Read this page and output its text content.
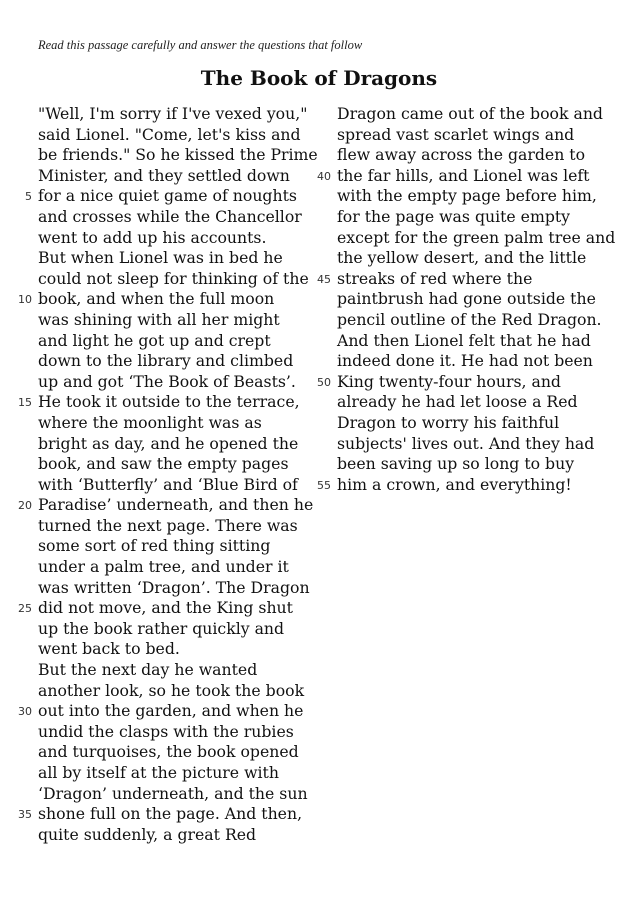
Read this passage carefully and answer the questions that follow
The Book of Dragons
"Well, I'm sorry if I've vexed you,"
said Lionel. "Come, let's kiss and
be friends." So he kissed the Prime
Minister, and they settled down
5 for a nice quiet game of noughts
and crosses while the Chancellor
went to add up his accounts.
But when Lionel was in bed he
could not sleep for thinking of the
10 book, and when the full moon
was shining with all her might
and light he got up and crept
down to the library and climbed
up and got ‘The Book of Beasts’.
15 He took it outside to the terrace,
where the moonlight was as
bright as day, and he opened the
book, and saw the empty pages
with ‘Butterfly’ and ‘Blue Bird of
20 Paradise’ underneath, and then he
turned the next page. There was
some sort of red thing sitting
under a palm tree, and under it
was written ‘Dragon’. The Dragon
25 did not move, and the King shut
up the book rather quickly and
went back to bed.
But the next day he wanted
another look, so he took the book
30 out into the garden, and when he
undid the clasps with the rubies
and turquoises, the book opened
all by itself at the picture with
‘Dragon’ underneath, and the sun
35 shone full on the page. And then,
quite suddenly, a great Red
Dragon came out of the book and
spread vast scarlet wings and
flew away across the garden to
40 the far hills, and Lionel was left
with the empty page before him,
for the page was quite empty
except for the green palm tree and
the yellow desert, and the little
45 streaks of red where the
paintbrush had gone outside the
pencil outline of the Red Dragon.
And then Lionel felt that he had
indeed done it. He had not been
50 King twenty-four hours, and
already he had let loose a Red
Dragon to worry his faithful
subjects' lives out. And they had
been saving up so long to buy
55 him a crown, and everything!
